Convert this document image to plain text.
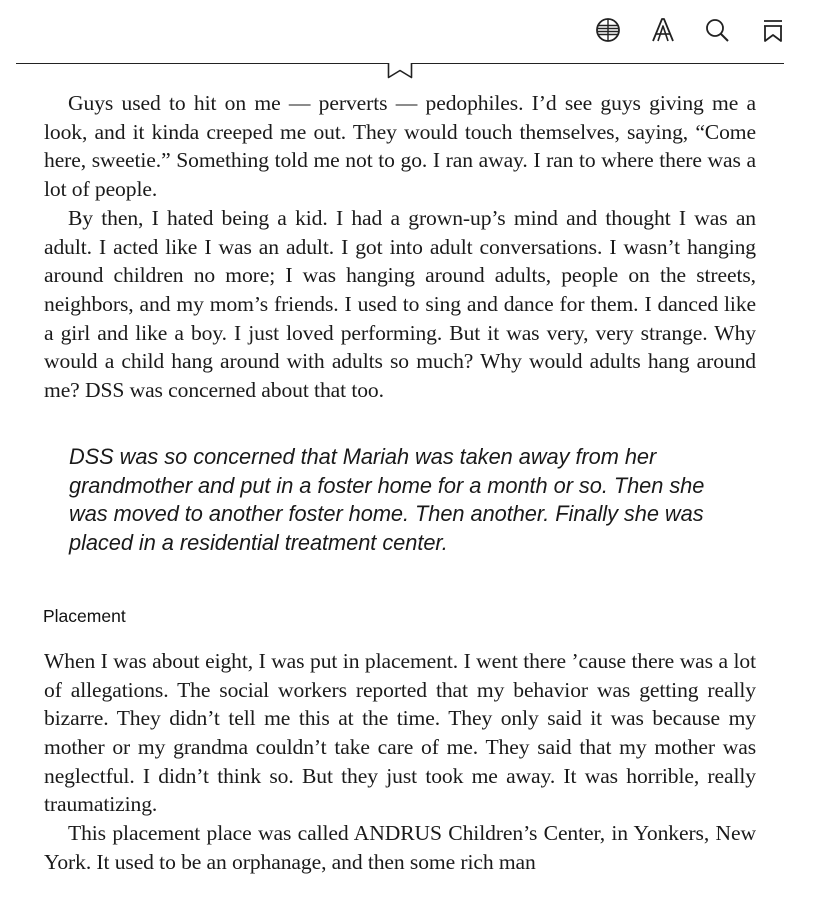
Guys used to hit on me — perverts — pedophiles. I’d see guys giving me a look, and it kinda creeped me out. They would touch themselves, saying, “Come here, sweetie.” Something told me not to go. I ran away. I ran to where there was a lot of people.

By then, I hated being a kid. I had a grown-up’s mind and thought I was an adult. I acted like I was an adult. I got into adult conversations. I wasn’t hanging around children no more; I was hanging around adults, people on the streets, neighbors, and my mom’s friends. I used to sing and dance for them. I danced like a girl and like a boy. I just loved performing. But it was very, very strange. Why would a child hang around with adults so much? Why would adults hang around me? DSS was concerned about that too.

DSS was so concerned that Mariah was taken away from her grandmother and put in a foster home for a month or so. Then she was moved to another foster home. Then another. Finally she was placed in a residential treatment center.

Placement

When I was about eight, I was put in placement. I went there ’cause there was a lot of allegations. The social workers reported that my behavior was getting really bizarre. They didn’t tell me this at the time. They only said it was because my mother or my grandma couldn’t take care of me. They said that my mother was neglectful. I didn’t think so. But they just took me away. It was horrible, really traumatizing.

This placement place was called ANDRUS Children’s Center, in Yonkers, New York. It used to be an orphanage, and then some rich man
